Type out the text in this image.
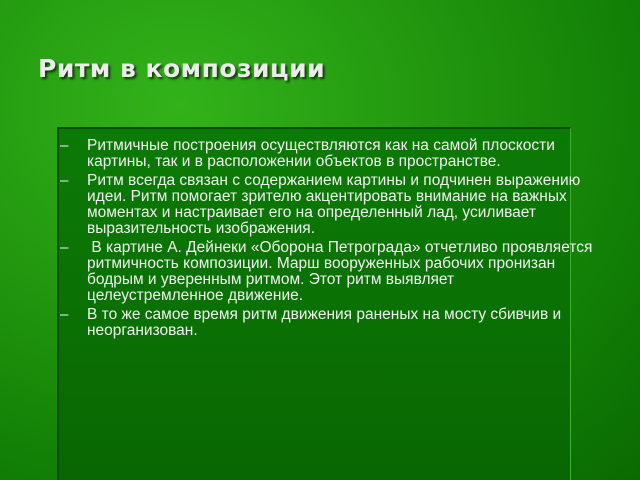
Ритм в композиции
– Ритмичные построения осуществляются как на самой плоскости картины, так и в расположении объектов в пространстве.
– Ритм всегда связан с содержанием картины и подчинен выражению идеи. Ритм помогает зрителю акцентировать внимание на важных моментах и настраивает его на определенный лад, усиливает выразительность изображения.
– В картине А. Дейнеки «Оборона Петрограда» отчетливо проявляется ритмичность композиции. Марш вооруженных рабочих пронизан бодрым и уверенным ритмом. Этот ритм выявляет целеустремленное движение.
– В то же самое время ритм движения раненых на мосту сбивчив и неорганизован.
